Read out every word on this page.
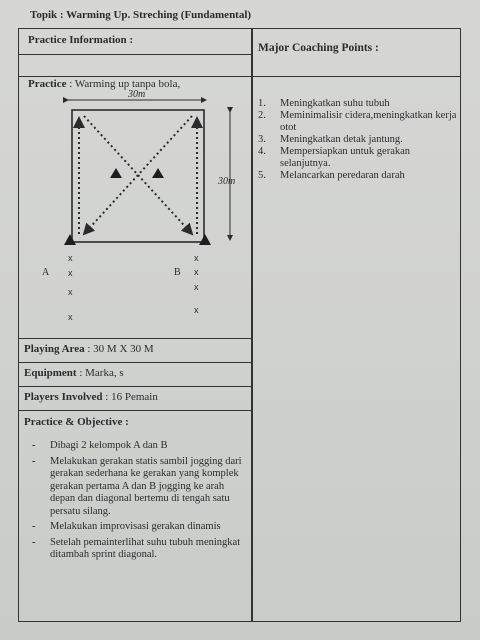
Topik : Warming Up. Streching (Fundamental)
Practice Information :
Major Coaching Points :
Practice : Warming up tanpa bola,
30m
30m
A
x
x
x
x
B
x
x
x
x
1.	Meningkatkan suhu tubuh
2.	Meminimalisir cidera,meningkatkan kerja otot
3.	Meningkatkan detak jantung.
4.	Mempersiapkan untuk gerakan selanjutnya.
5.	Melancarkan peredaran darah
Playing Area : 30 M X 30 M
Equipment : Marka, s
Players Involved : 16 Pemain
Practice & Objective :
-	Dibagi 2 kelompok A dan B
-	Melakukan gerakan statis sambil jogging dari gerakan sederhana ke gerakan yang komplek gerakan pertama A dan B jogging ke arah depan dan diagonal bertemu di tengah satu persatu silang.
-	Melakukan improvisasi gerakan dinamis
-	Setelah pemainterlihat suhu tubuh meningkat ditambah sprint diagonal.
